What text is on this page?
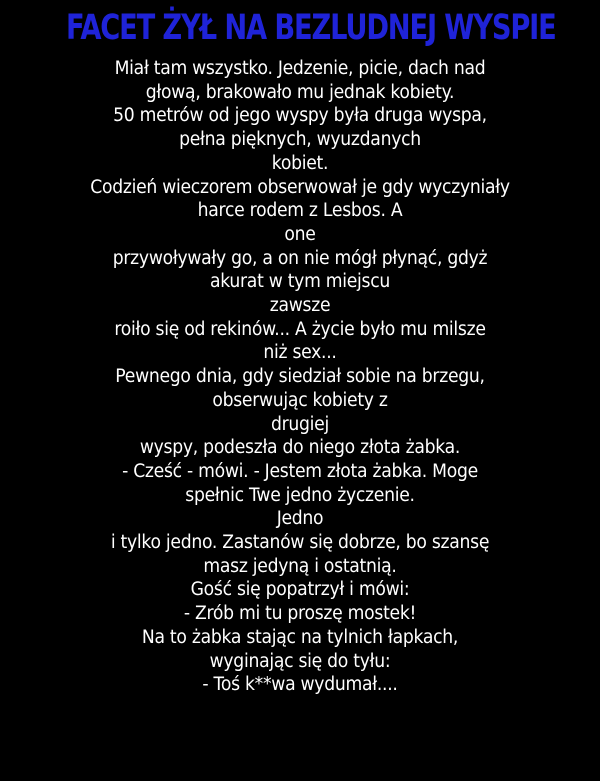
FACET ŻYŁ NA BEZLUDNEJ WYSPIE
Miał tam wszystko. Jedzenie, picie, dach nad
głową, brakowało mu jednak kobiety.
50 metrów od jego wyspy była druga wyspa,
pełna pięknych, wyuzdanych
kobiet.
Codzień wieczorem obserwował je gdy wyczyniały
harce rodem z Lesbos. A
one
przywoływały go, a on nie mógł płynąć, gdyż
akurat w tym miejscu
zawsze
roiło się od rekinów... A życie było mu milsze
niż sex...
Pewnego dnia, gdy siedział sobie na brzegu,
obserwując kobiety z
drugiej
wyspy, podeszła do niego złota żabka.
- Cześć - mówi. - Jestem złota żabka. Moge
spełnic Twe jedno życzenie.
Jedno
i tylko jedno. Zastanów się dobrze, bo szansę
masz jedyną i ostatnią.
Gość się popatrzył i mówi:
- Zrób mi tu proszę mostek!
Na to żabka stając na tylnich łapkach,
wyginając się do tyłu:
- Toś k**wa wydumał....
